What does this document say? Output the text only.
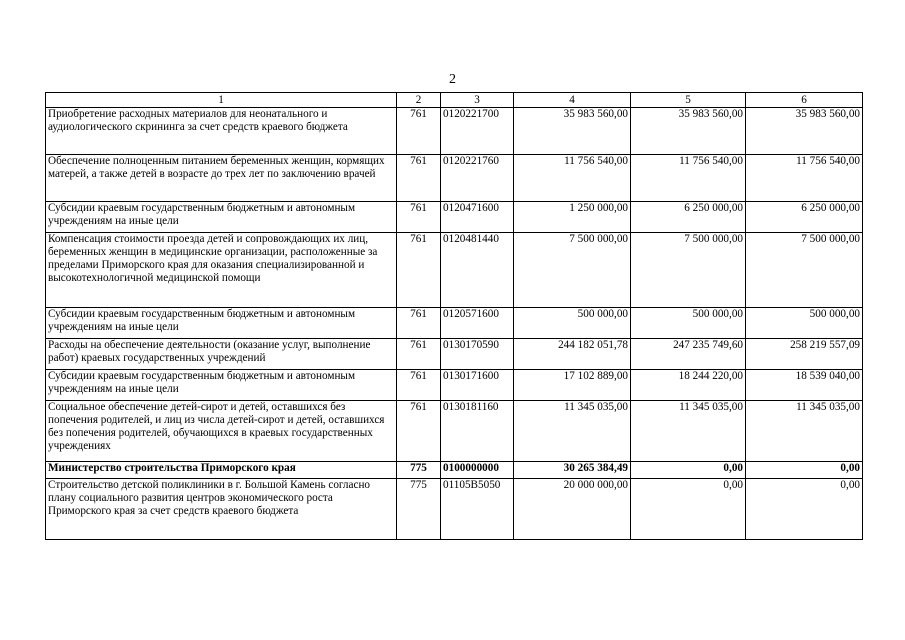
2
1	2	3	4	5	6
Приобретение расходных материалов для неонатального и аудиологического скрининга за счет средств краевого бюджета	761	0120221700	35 983 560,00	35 983 560,00	35 983 560,00
Обеспечение полноценным питанием беременных женщин, кормящих матерей, а также детей в возрасте до трех лет по заключению врачей	761	0120221760	11 756 540,00	11 756 540,00	11 756 540,00
Субсидии краевым государственным бюджетным и автономным учреждениям на иные цели	761	0120471600	1 250 000,00	6 250 000,00	6 250 000,00
Компенсация стоимости проезда детей и сопровождающих их лиц, беременных женщин в медицинские организации, расположенные за пределами Приморского края для оказания специализированной и высокотехнологичной медицинской помощи	761	0120481440	7 500 000,00	7 500 000,00	7 500 000,00
Субсидии краевым государственным бюджетным и автономным учреждениям на иные цели	761	0120571600	500 000,00	500 000,00	500 000,00
Расходы на обеспечение деятельности (оказание услуг, выполнение работ) краевых государственных учреждений	761	0130170590	244 182 051,78	247 235 749,60	258 219 557,09
Субсидии краевым государственным бюджетным и автономным учреждениям на иные цели	761	0130171600	17 102 889,00	18 244 220,00	18 539 040,00
Социальное обеспечение детей-сирот и детей, оставшихся без попечения родителей, и лиц из числа детей-сирот и детей, оставшихся без попечения родителей, обучающихся в краевых государственных учреждениях	761	0130181160	11 345 035,00	11 345 035,00	11 345 035,00
Министерство строительства Приморского края	775	0100000000	30 265 384,49	0,00	0,00
Строительство детской поликлиники в г. Большой Камень согласно плану социального развития центров экономического роста Приморского края за счет средств краевого бюджета	775	01105В5050	20 000 000,00	0,00	0,00
